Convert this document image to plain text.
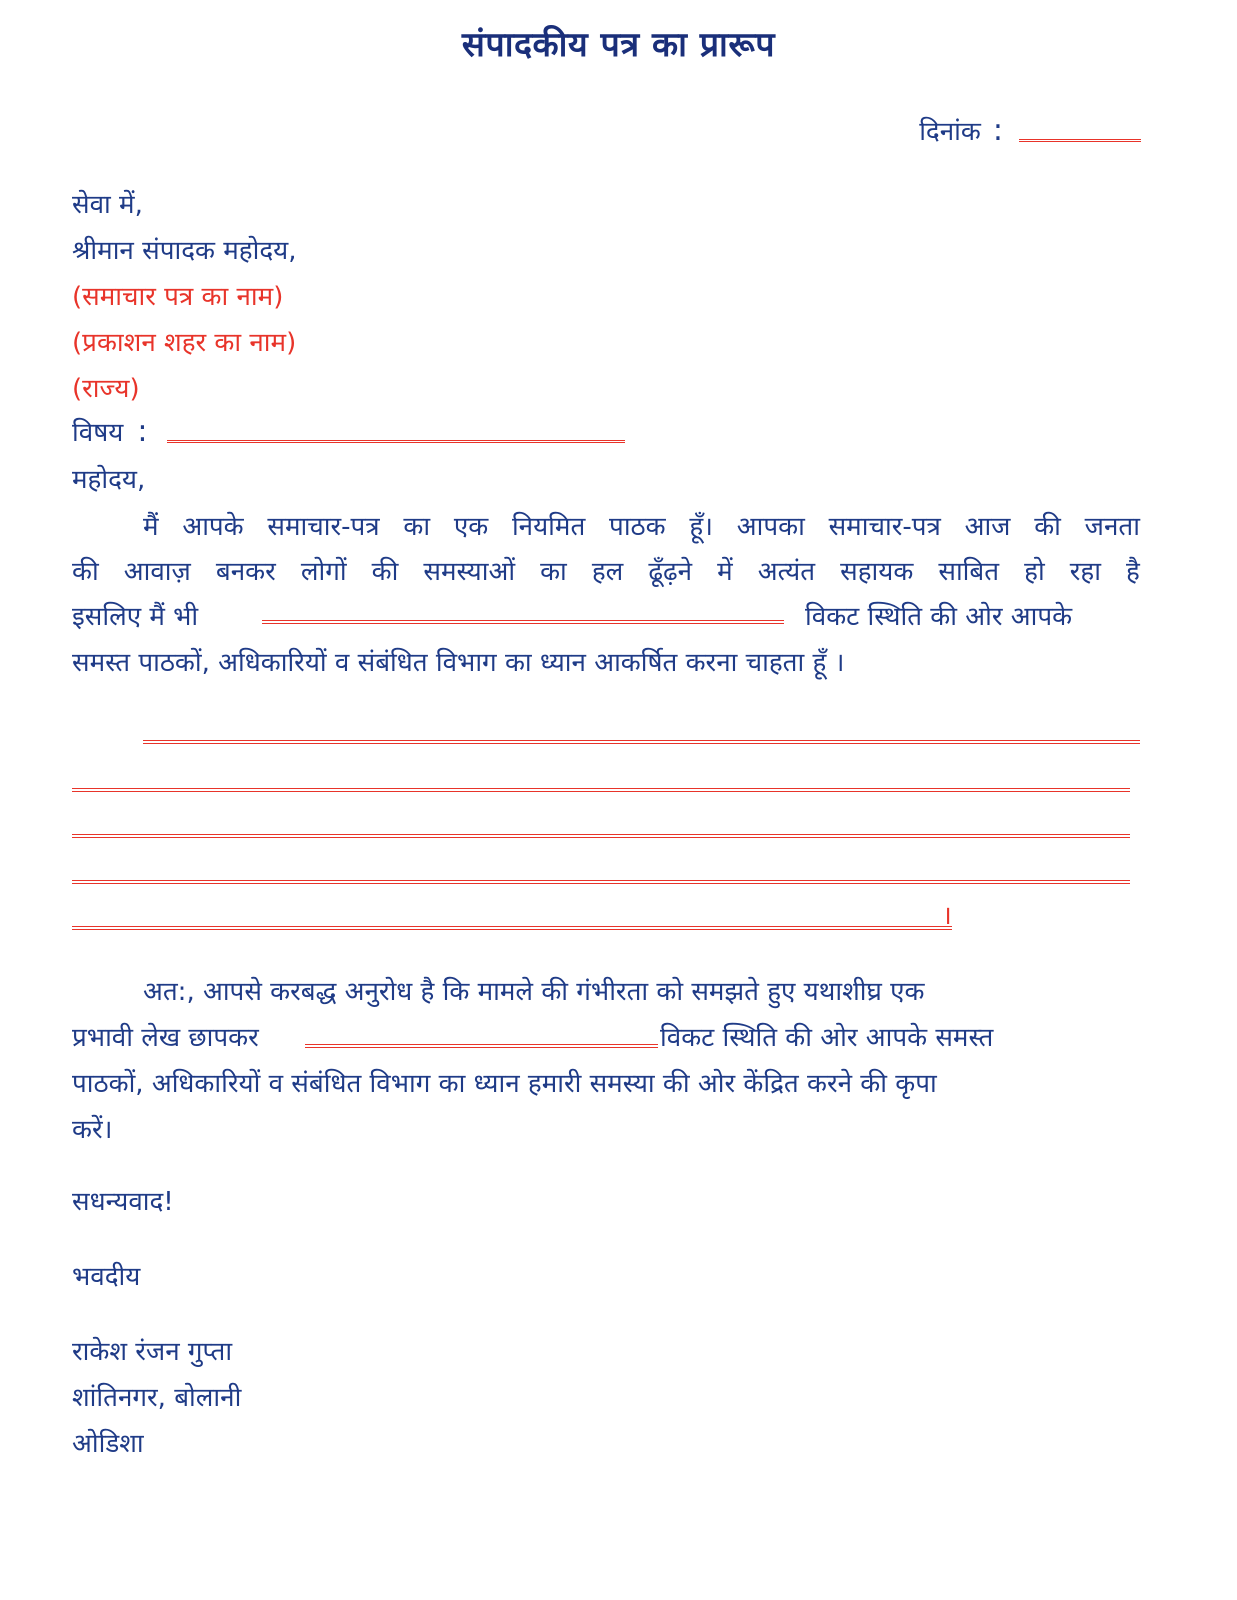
संपादकीय पत्र का प्रारूप
दिनांक :
सेवा में,
श्रीमान संपादक महोदय,
(समाचार पत्र का नाम)
(प्रकाशन शहर का नाम)
(राज्य)
विषय :
महोदय,
मैं आपके समाचार-पत्र का एक नियमित पाठक हूँ। आपका समाचार-पत्र आज की जनता
की आवाज़ बनकर लोगों की समस्याओं का हल ढूँढ़ने में अत्यंत सहायक साबित हो रहा है
इसलिए मैं भी	विकट स्थिति की ओर आपके
समस्त पाठकों, अधिकारियों व संबंधित विभाग का ध्यान आकर्षित करना चाहता हूँ ।
।
अत:, आपसे करबद्ध अनुरोध है कि मामले की गंभीरता को समझते हुए यथाशीघ्र एक
प्रभावी लेख छापकर	विकट स्थिति की ओर आपके समस्त
पाठकों, अधिकारियों व संबंधित विभाग का ध्यान हमारी समस्या की ओर केंद्रित करने की कृपा
करें।
सधन्यवाद!
भवदीय
राकेश रंजन गुप्ता
शांतिनगर, बोलानी
ओडिशा
